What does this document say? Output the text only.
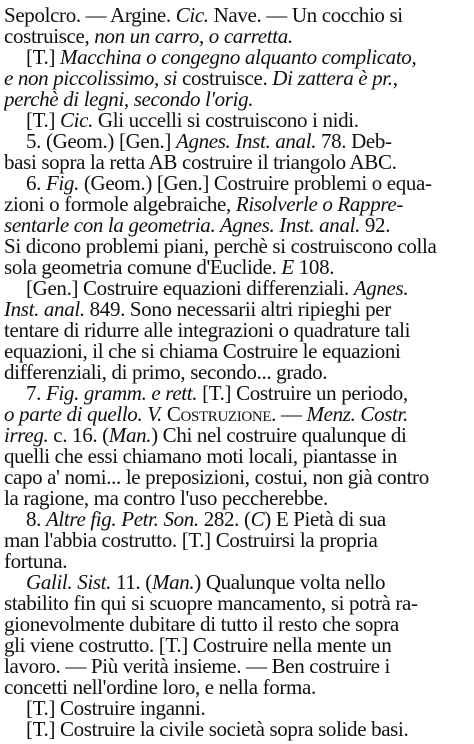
Sepolcro. — Argine. Cic. Nave. — Un cocchio si
costruisce, non un carro, o carretta.
[T.] Macchina o congegno alquanto complicato,
e non piccolissimo, si costruisce. Di zattera è pr.,
perchè di legni, secondo l'orig.
[T.] Cic. Gli uccelli si costruiscono i nidi.
5. (Geom.) [Gen.] Agnes. Inst. anal. 78. Deb-
basi sopra la retta AB costruire il triangolo ABC.
6. Fig. (Geom.) [Gen.] Costruire problemi o equa-
zioni o formole algebraiche, Risolverle o Rappre-
sentarle con la geometria. Agnes. Inst. anal. 92.
Si dicono problemi piani, perchè si costruiscono colla
sola geometria comune d'Euclide. E 108.
[Gen.] Costruire equazioni differenziali. Agnes.
Inst. anal. 849. Sono necessarii altri ripieghi per
tentare di ridurre alle integrazioni o quadrature tali
equazioni, il che si chiama Costruire le equazioni
differenziali, di primo, secondo... grado.
7. Fig. gramm. e rett. [T.] Costruire un periodo,
o parte di quello. V. Costruzione. — Menz. Costr.
irreg. c. 16. (Man.) Chi nel costruire qualunque di
quelli che essi chiamano moti locali, piantasse in
capo a' nomi... le preposizioni, costui, non già contro
la ragione, ma contro l'uso peccherebbe.
8. Altre fig. Petr. Son. 282. (C) E Pietà di sua
man l'abbia costrutto. [T.] Costruirsi la propria
fortuna.
Galil. Sist. 11. (Man.) Qualunque volta nello
stabilito fin qui si scuopre mancamento, si potrà ra-
gionevolmente dubitare di tutto il resto che sopra
gli viene costrutto. [T.] Costruire nella mente un
lavoro. — Più verità insieme. — Ben costruire i
concetti nell'ordine loro, e nella forma.
[T.] Costruire inganni.
[T.] Costruire la civile società sopra solide basi.
